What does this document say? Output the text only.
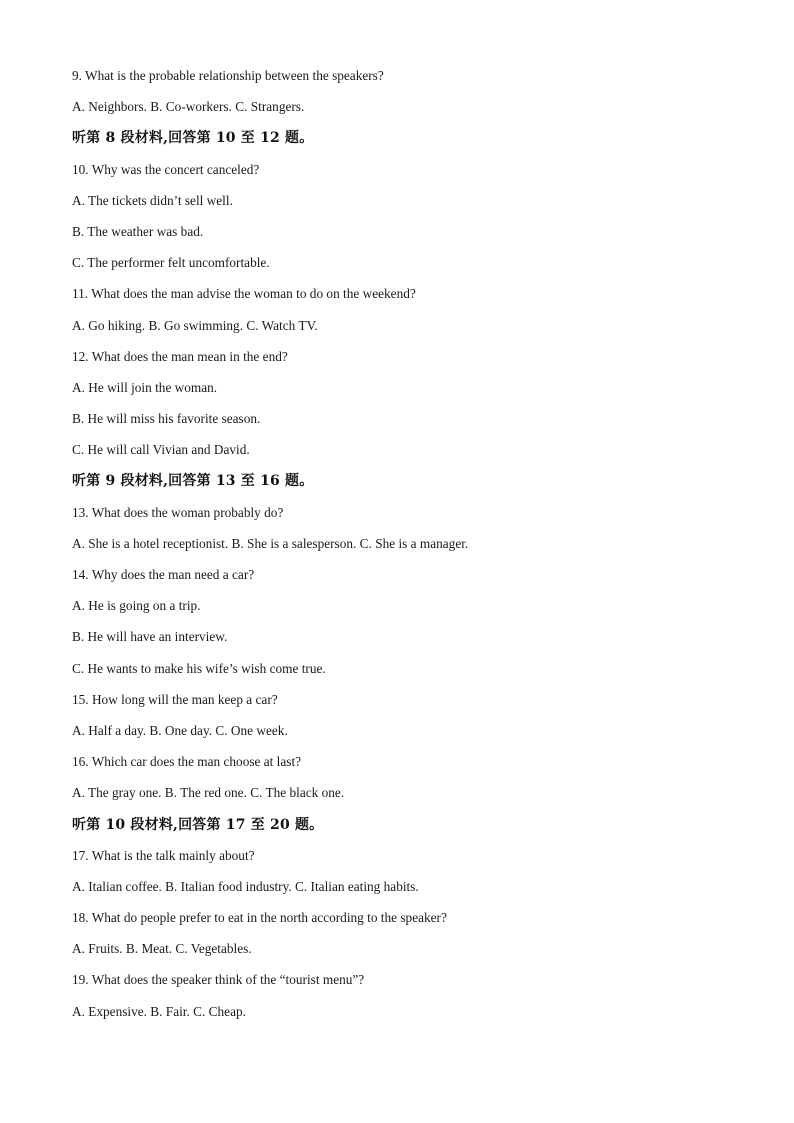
9. What is the probable relationship between the speakers?
A. Neighbors. B. Co-workers. C. Strangers.
听第 8 段材料,回答第 10 至 12 题。
10. Why was the concert canceled?
A. The tickets didn’t sell well.
B. The weather was bad.
C. The performer felt uncomfortable.
11. What does the man advise the woman to do on the weekend?
A. Go hiking. B. Go swimming. C. Watch TV.
12. What does the man mean in the end?
A. He will join the woman.
B. He will miss his favorite season.
C. He will call Vivian and David.
听第 9 段材料,回答第 13 至 16 题。
13. What does the woman probably do?
A. She is a hotel receptionist. B. She is a salesperson. C. She is a manager.
14. Why does the man need a car?
A. He is going on a trip.
B. He will have an interview.
C. He wants to make his wife’s wish come true.
15. How long will the man keep a car?
A. Half a day. B. One day. C. One week.
16. Which car does the man choose at last?
A. The gray one. B. The red one. C. The black one.
听第 10 段材料,回答第 17 至 20 题。
17. What is the talk mainly about?
A. Italian coffee. B. Italian food industry. C. Italian eating habits.
18. What do people prefer to eat in the north according to the speaker?
A. Fruits. B. Meat. C. Vegetables.
19. What does the speaker think of the “tourist menu”?
A. Expensive. B. Fair. C. Cheap.
